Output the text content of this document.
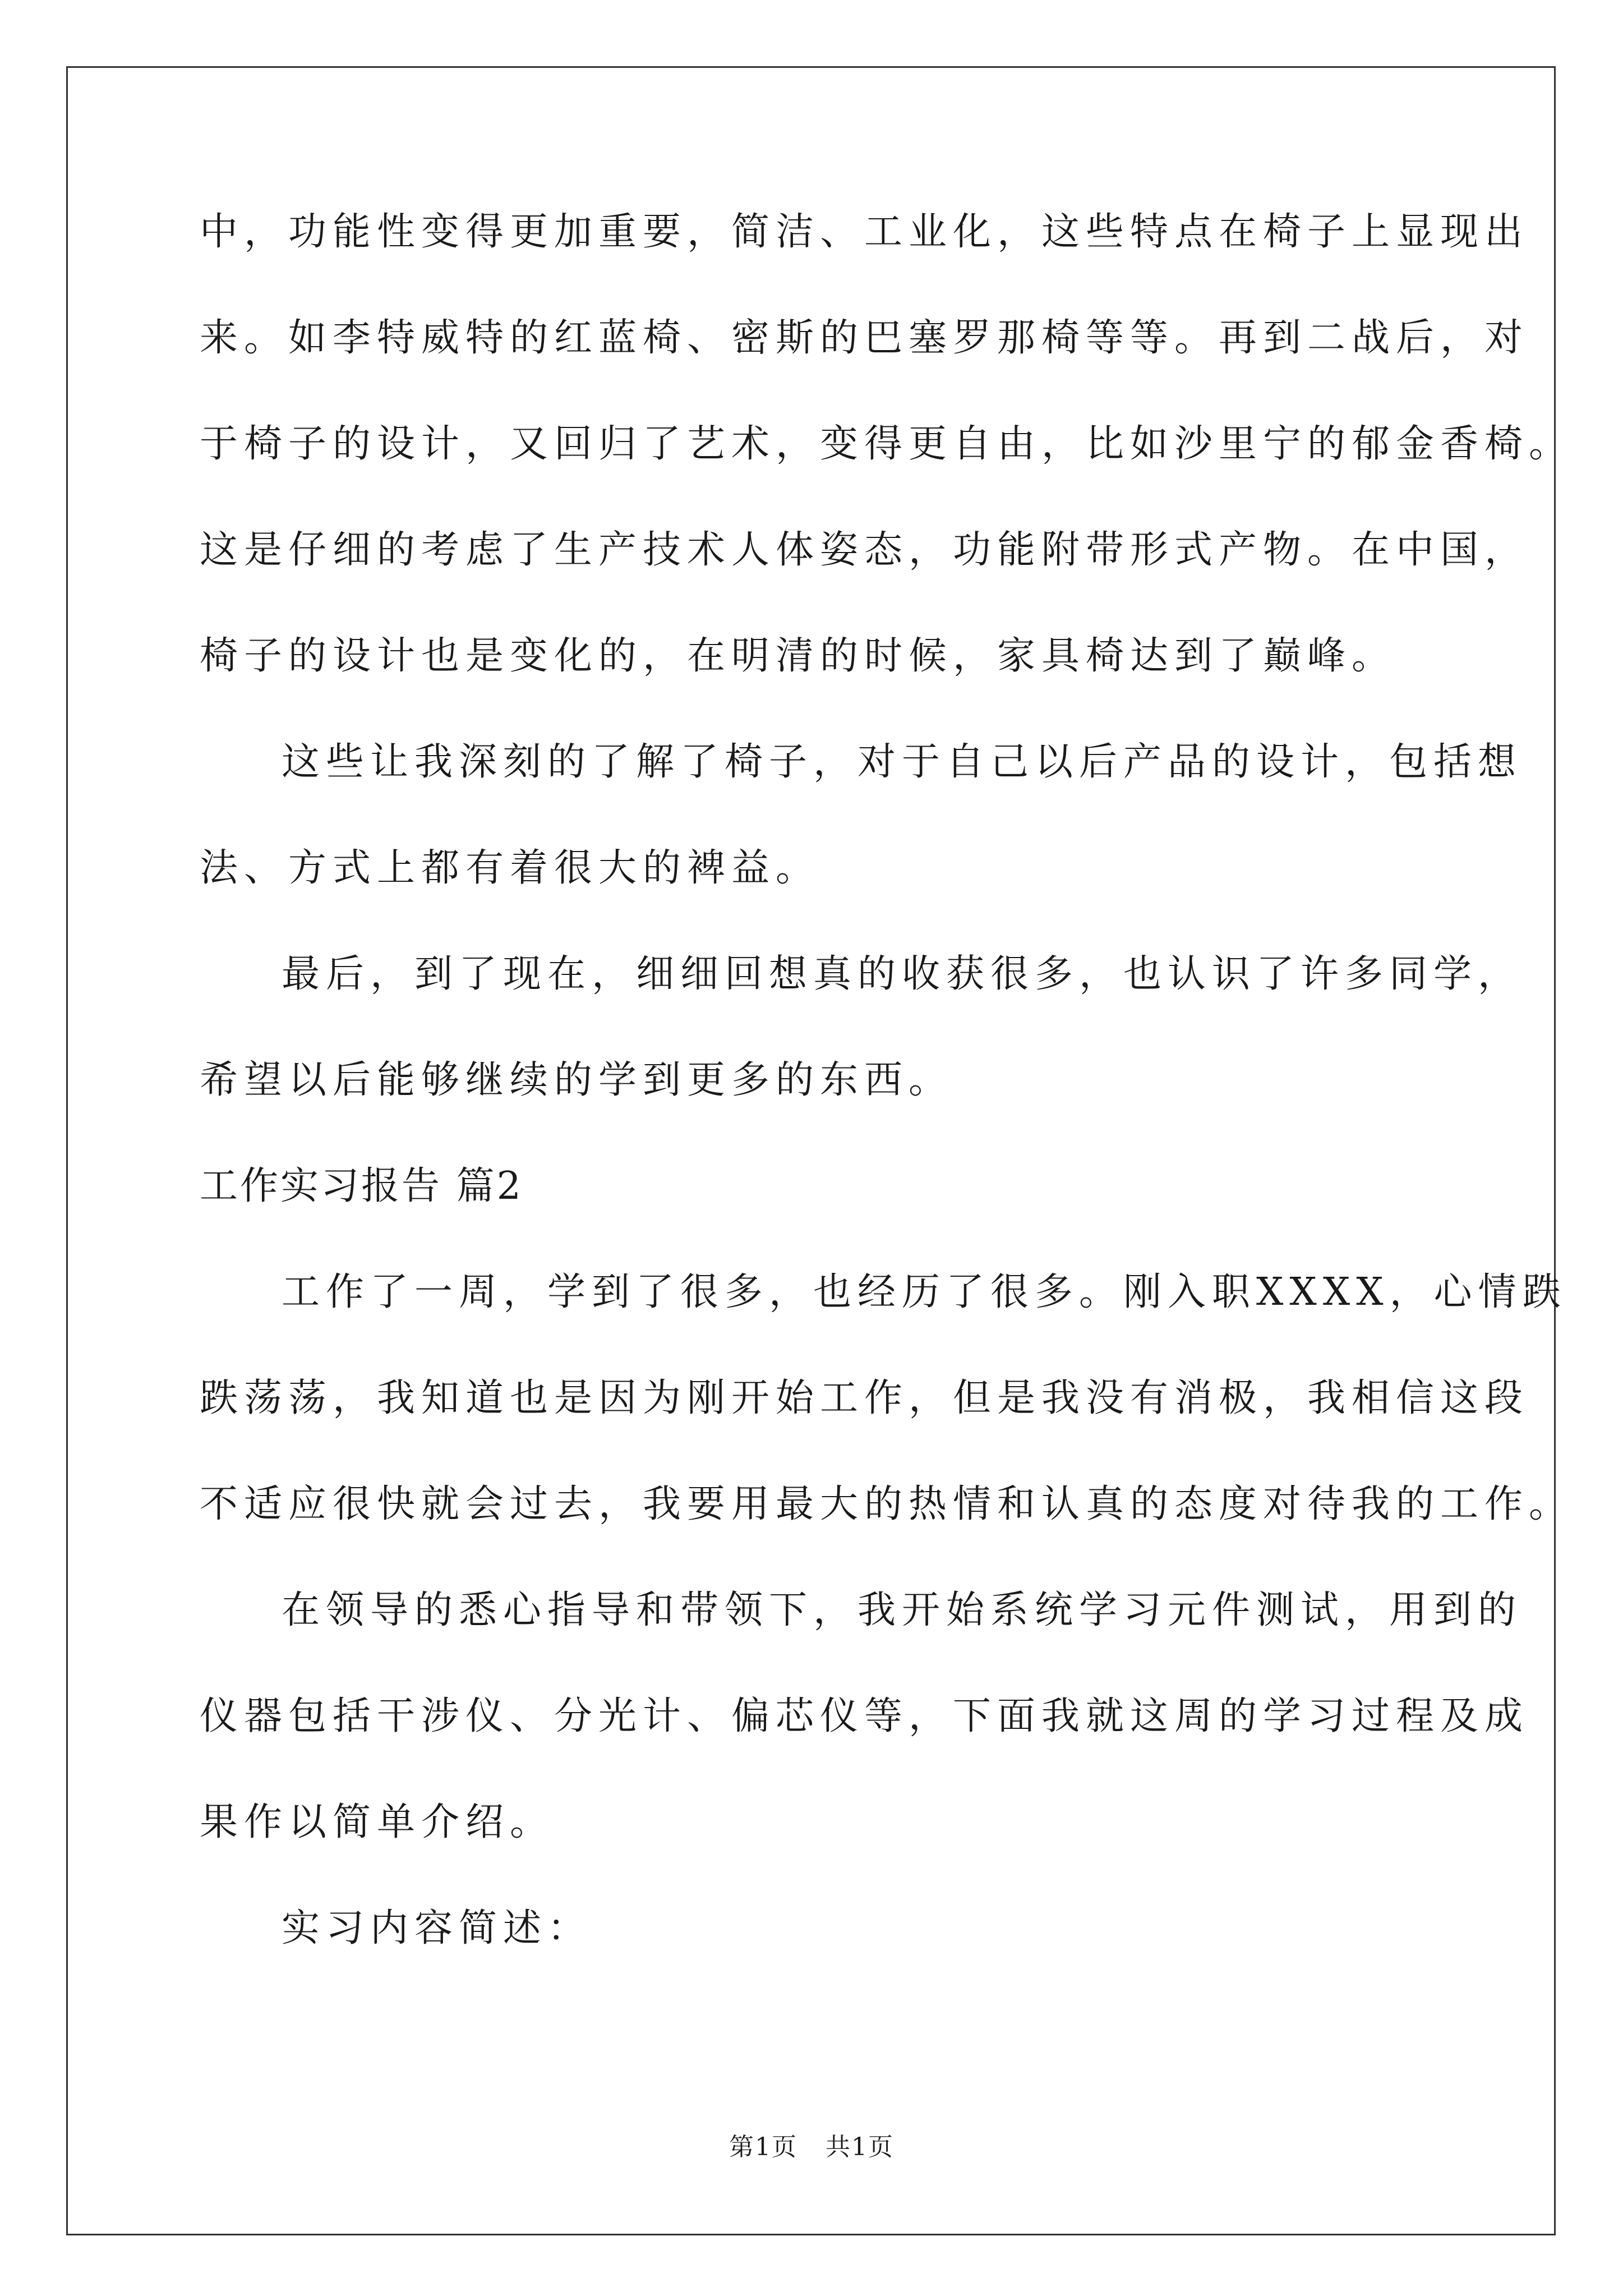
中，功能性变得更加重要，简洁、工业化，这些特点在椅子上显现出
来。如李特威特的红蓝椅、密斯的巴塞罗那椅等等。再到二战后，对
于椅子的设计，又回归了艺术，变得更自由，比如沙里宁的郁金香椅。
这是仔细的考虑了生产技术人体姿态，功能附带形式产物。在中国，
椅子的设计也是变化的，在明清的时候，家具椅达到了巅峰。
这些让我深刻的了解了椅子，对于自己以后产品的设计，包括想
法、方式上都有着很大的裨益。
最后，到了现在，细细回想真的收获很多，也认识了许多同学，
希望以后能够继续的学到更多的东西。
工作实习报告 篇2
工作了一周，学到了很多，也经历了很多。刚入职XXXX，心情跌
跌荡荡，我知道也是因为刚开始工作，但是我没有消极，我相信这段
不适应很快就会过去，我要用最大的热情和认真的态度对待我的工作。
在领导的悉心指导和带领下，我开始系统学习元件测试，用到的
仪器包括干涉仪、分光计、偏芯仪等，下面我就这周的学习过程及成
果作以简单介绍。
实习内容简述：
第1页 共1页
